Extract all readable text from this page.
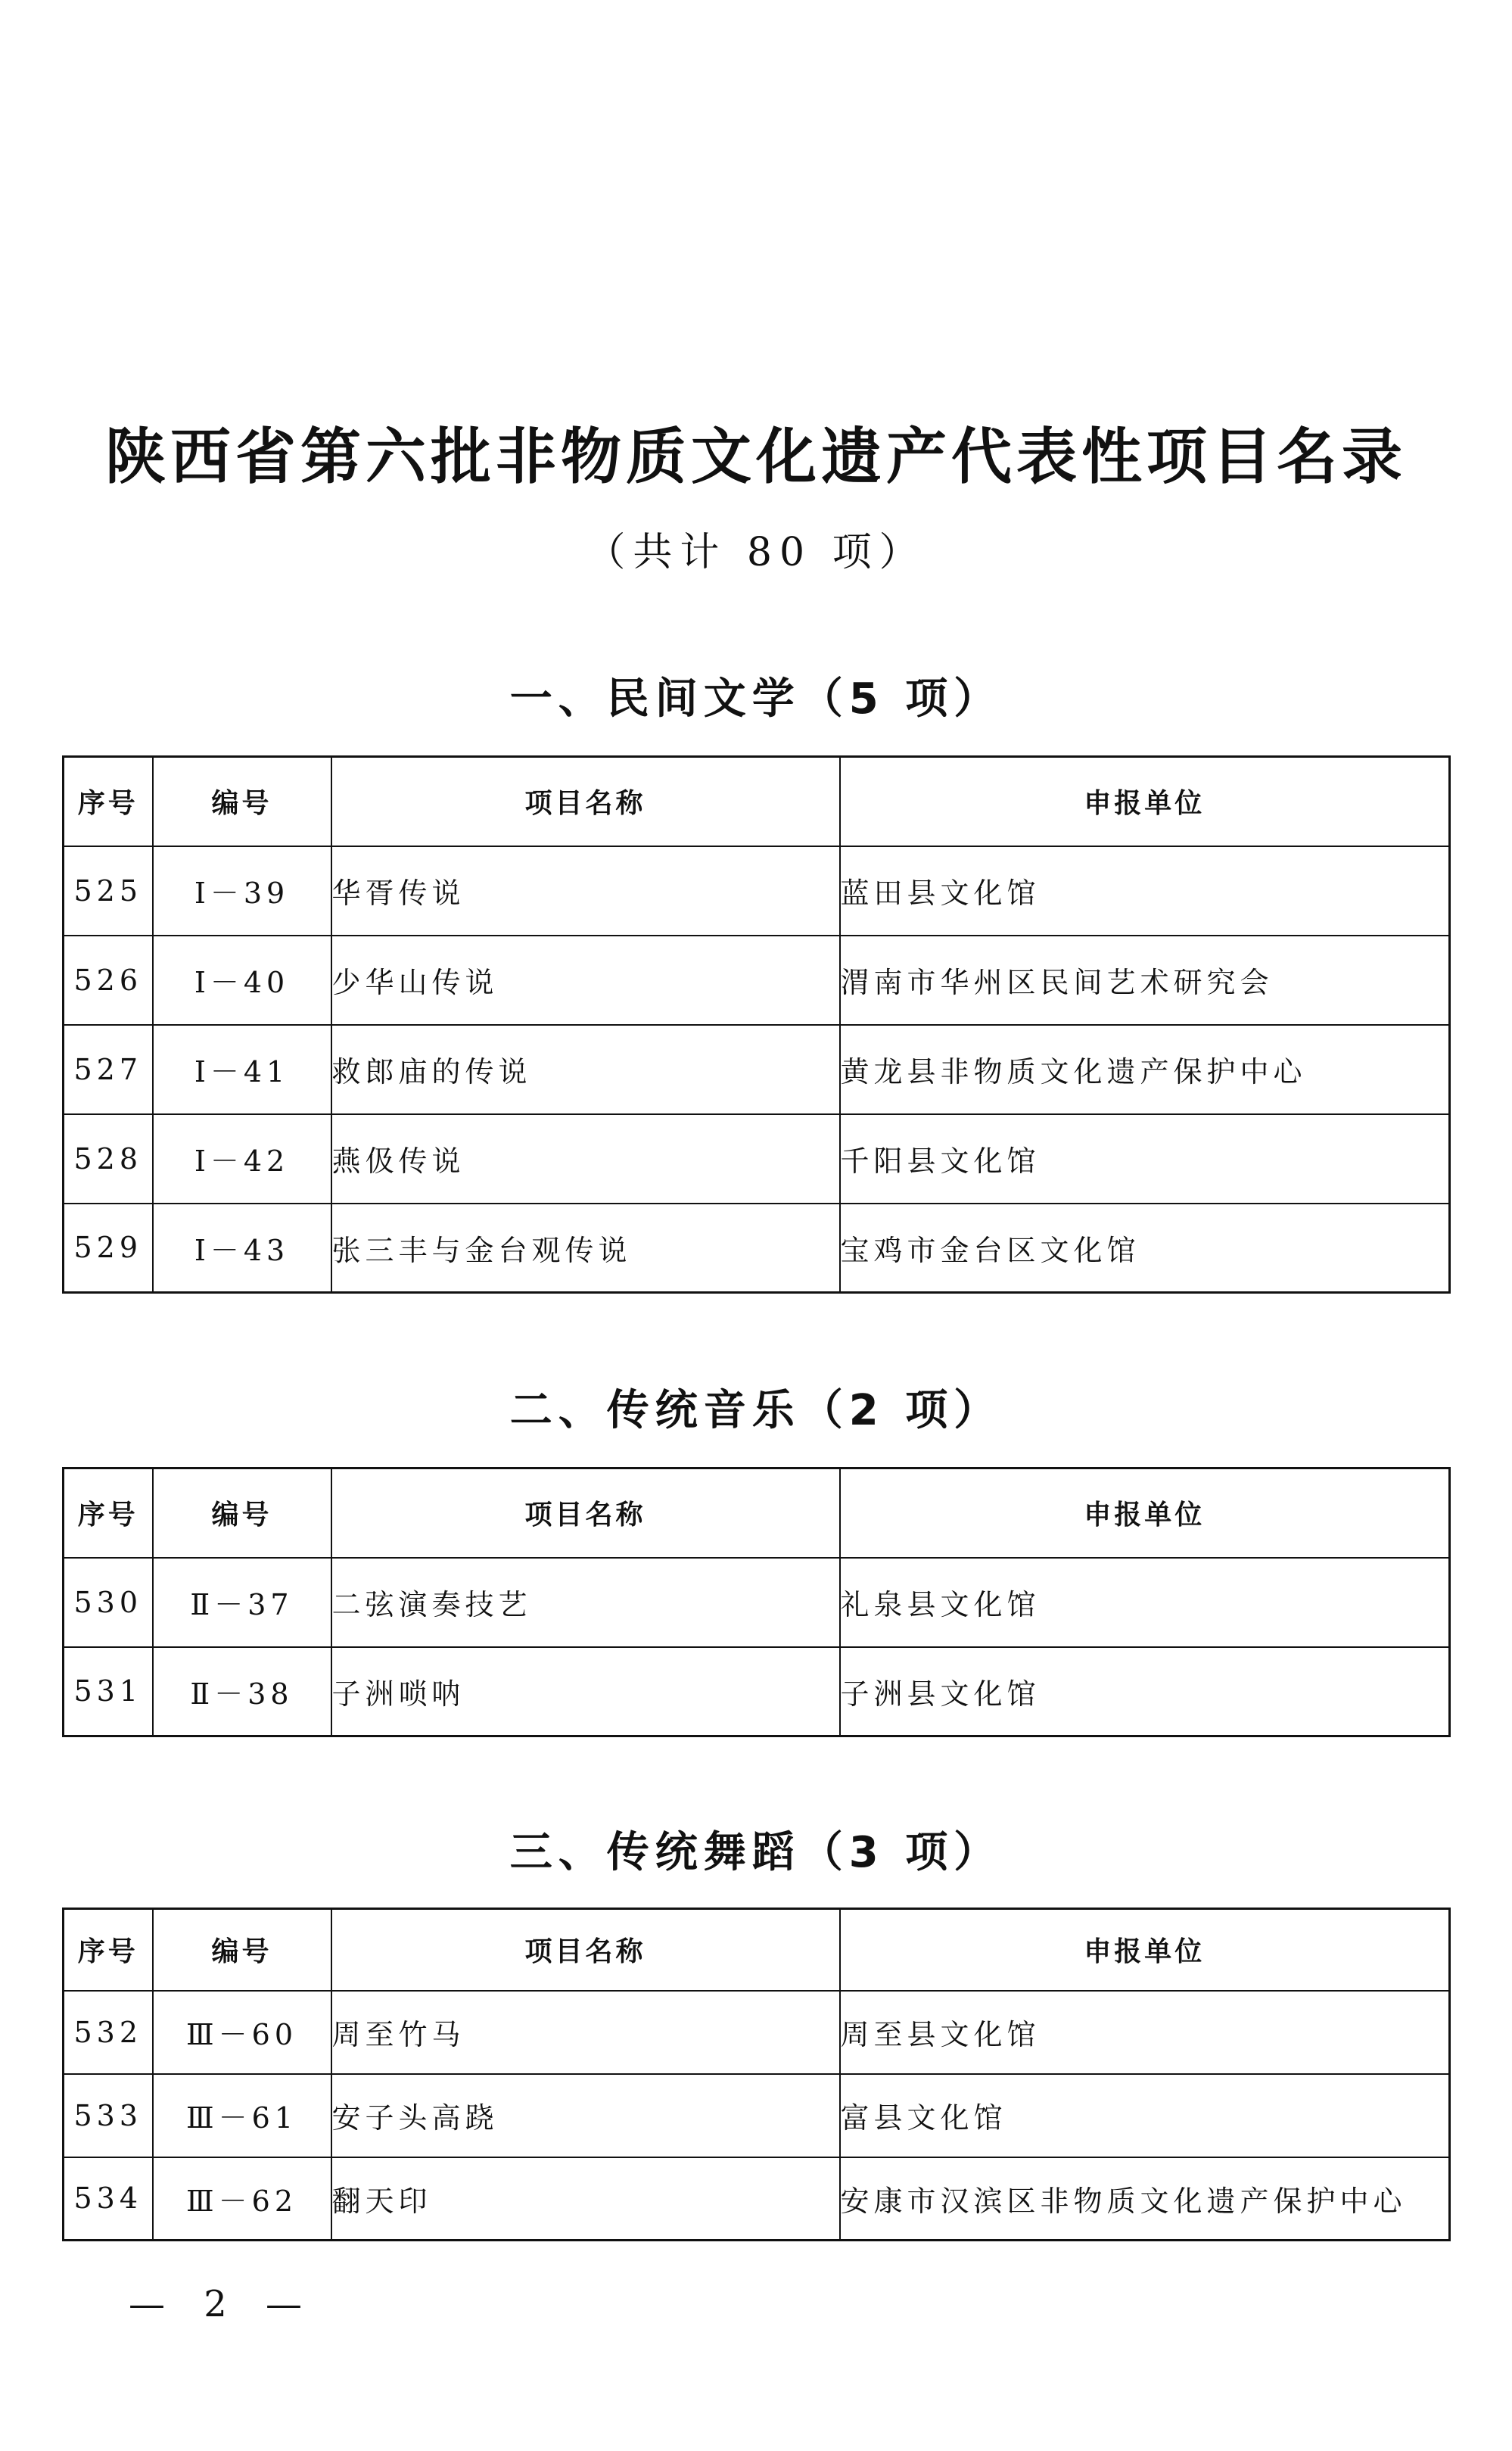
陕西省第六批非物质文化遗产代表性项目名录
（共计 80 项）
一、民间文学（5 项）
序号	编号	项目名称	申报单位
525	Ⅰ－39	华胥传说	蓝田县文化馆
526	Ⅰ－40	少华山传说	渭南市华州区民间艺术研究会
527	Ⅰ－41	救郎庙的传说	黄龙县非物质文化遗产保护中心
528	Ⅰ－42	燕伋传说	千阳县文化馆
529	Ⅰ－43	张三丰与金台观传说	宝鸡市金台区文化馆
二、传统音乐（2 项）
序号	编号	项目名称	申报单位
530	Ⅱ－37	二弦演奏技艺	礼泉县文化馆
531	Ⅱ－38	子洲唢呐	子洲县文化馆
三、传统舞蹈（3 项）
序号	编号	项目名称	申报单位
532	Ⅲ－60	周至竹马	周至县文化馆
533	Ⅲ－61	安子头高跷	富县文化馆
534	Ⅲ－62	翻天印	安康市汉滨区非物质文化遗产保护中心
— 2 —
